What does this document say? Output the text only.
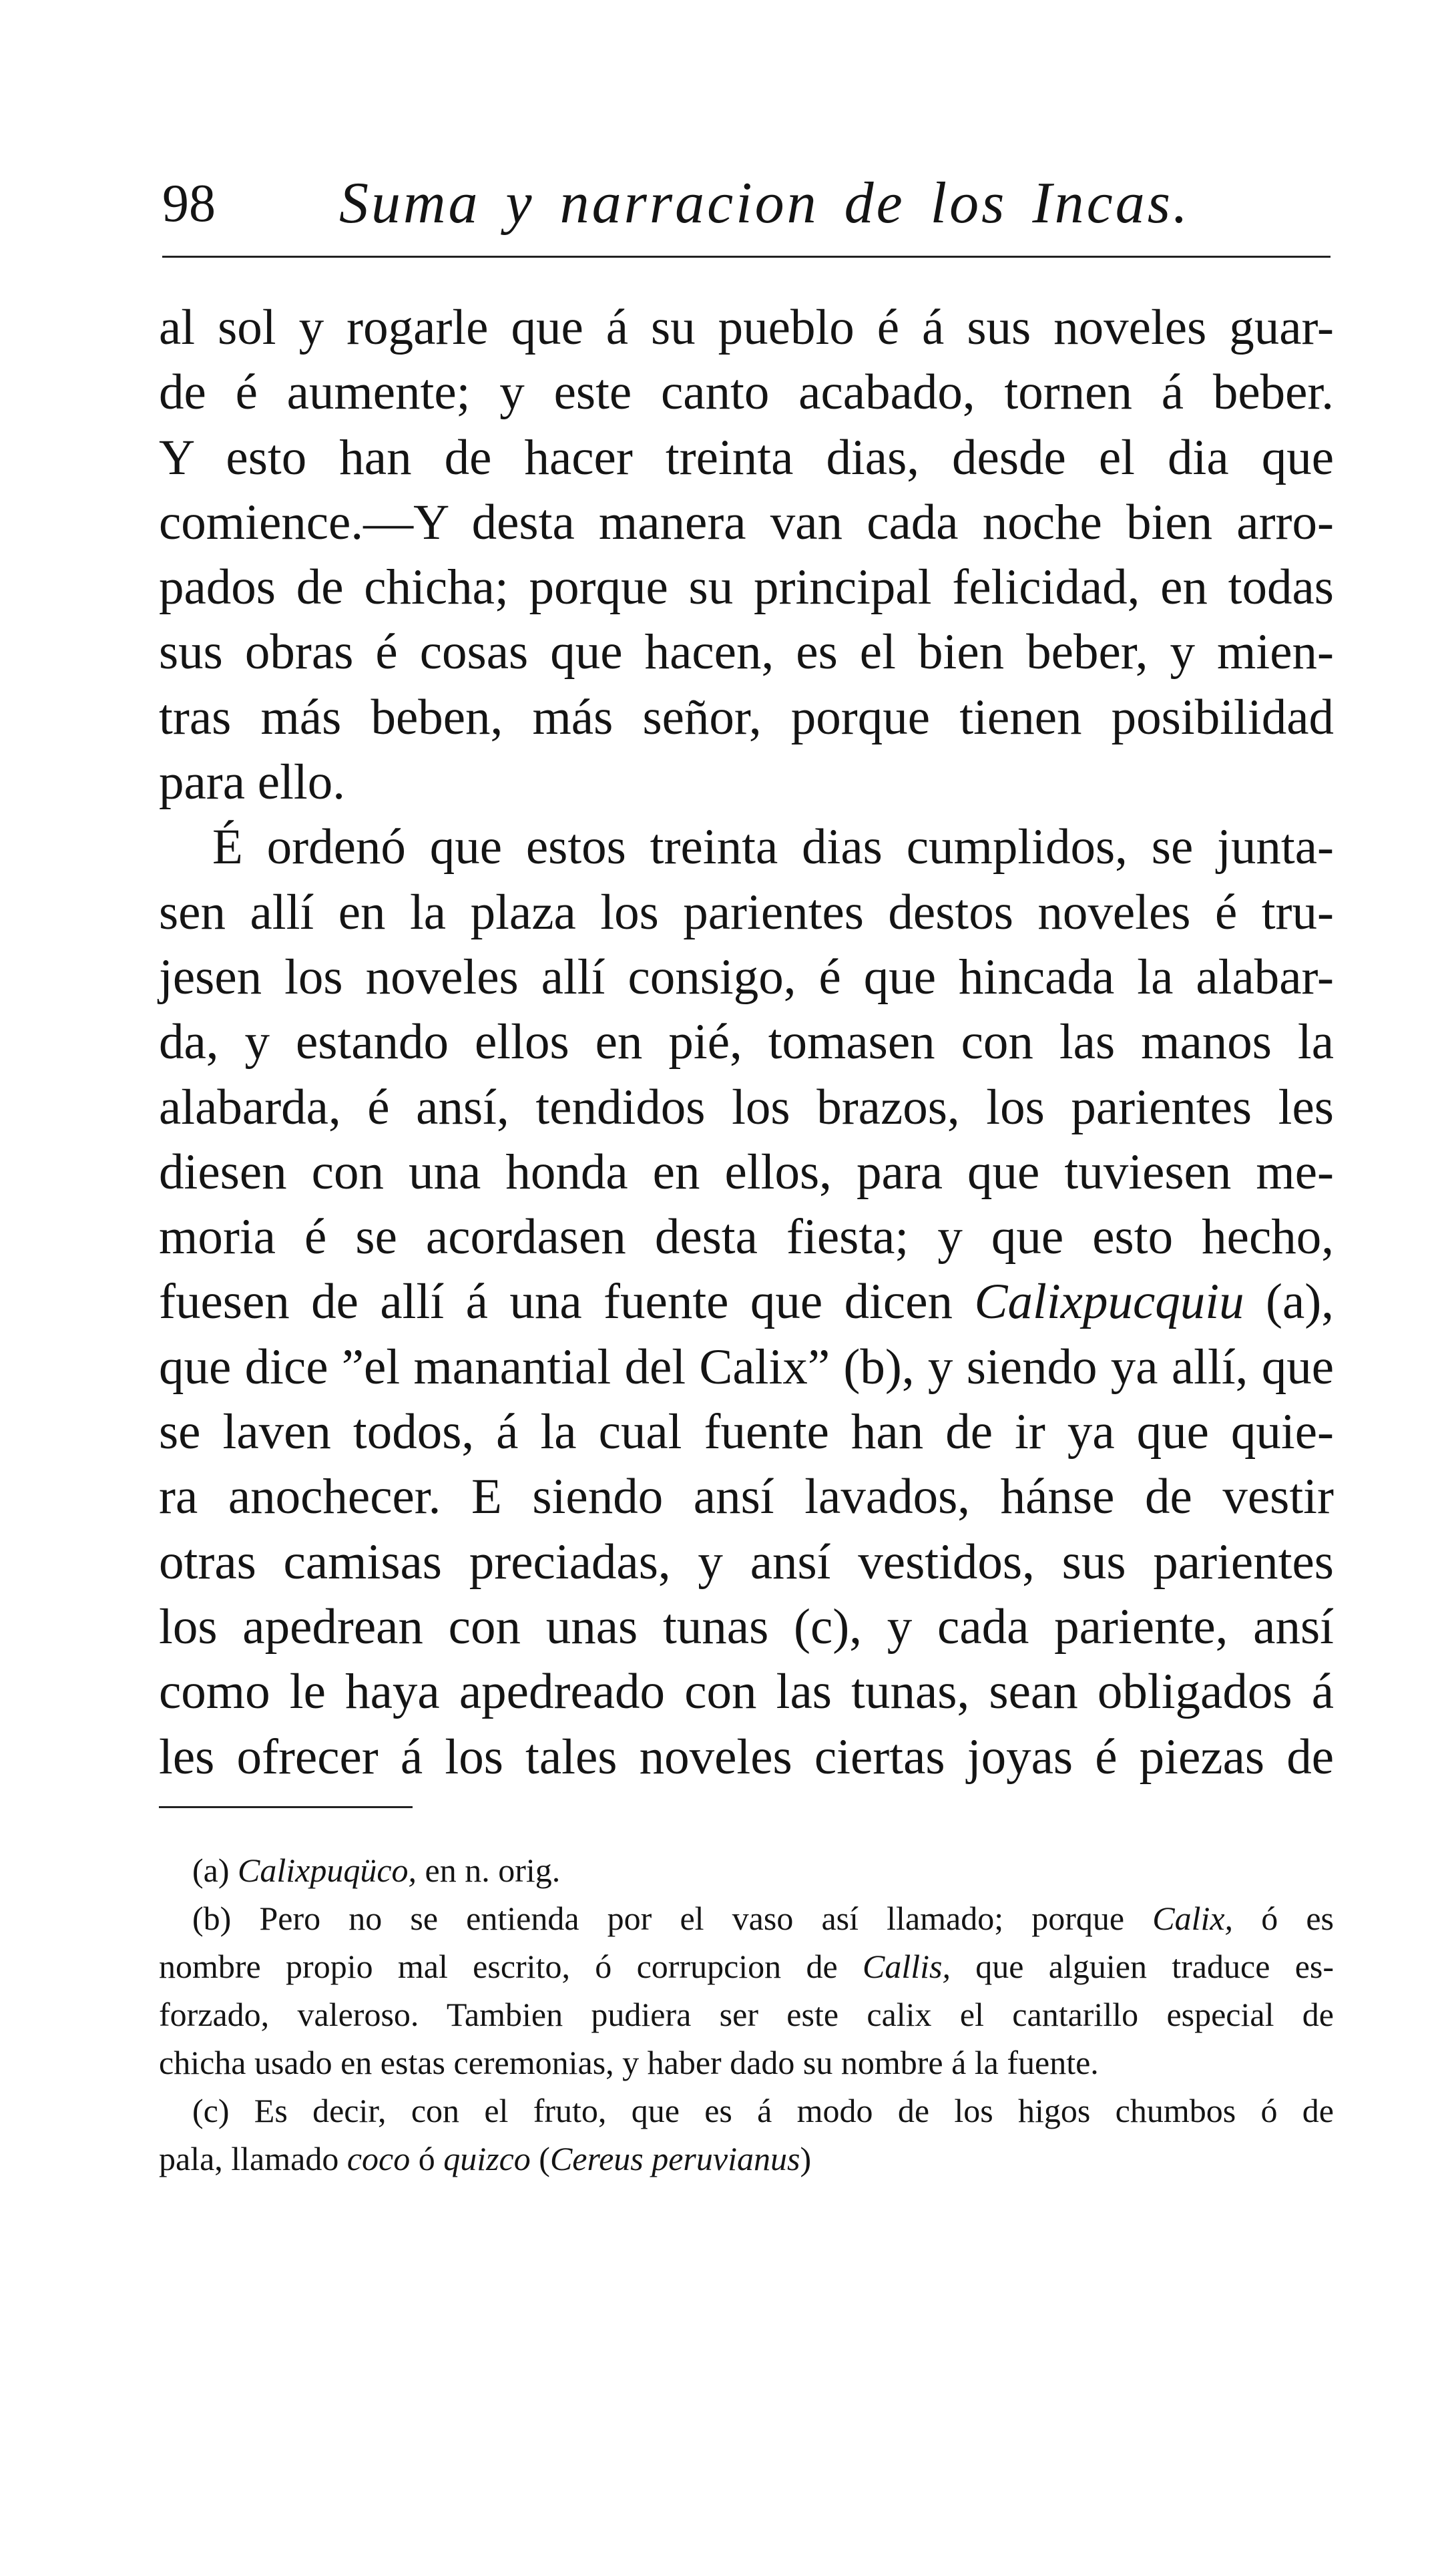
98 Suma y narracion de los Incas.
al sol y rogarle que á su pueblo é á sus noveles guar-
de é aumente; y este canto acabado, tornen á beber.
Y esto han de hacer treinta dias, desde el dia que
comience.—Y desta manera van cada noche bien arro-
pados de chicha; porque su principal felicidad, en todas
sus obras é cosas que hacen, es el bien beber, y mien-
tras más beben, más señor, porque tienen posibilidad
para ello.
É ordenó que estos treinta dias cumplidos, se junta-
sen allí en la plaza los parientes destos noveles é tru-
jesen los noveles allí consigo, é que hincada la alabar-
da, y estando ellos en pié, tomasen con las manos la
alabarda, é ansí, tendidos los brazos, los parientes les
diesen con una honda en ellos, para que tuviesen me-
moria é se acordasen desta fiesta; y que esto hecho,
fuesen de allí á una fuente que dicen Calixpucquiu (a),
que dice ”el manantial del Calix” (b), y siendo ya allí, que
se laven todos, á la cual fuente han de ir ya que quie-
ra anochecer. E siendo ansí lavados, hánse de vestir
otras camisas preciadas, y ansí vestidos, sus parientes
los apedrean con unas tunas (c), y cada pariente, ansí
como le haya apedreado con las tunas, sean obligados á
les ofrecer á los tales noveles ciertas joyas é piezas de
(a) Calixpuqüco, en n. orig.
(b) Pero no se entienda por el vaso así llamado; porque Calix, ó es
nombre propio mal escrito, ó corrupcion de Callis, que alguien traduce es-
forzado, valeroso. Tambien pudiera ser este calix el cantarillo especial de
chicha usado en estas ceremonias, y haber dado su nombre á la fuente.
(c) Es decir, con el fruto, que es á modo de los higos chumbos ó de
pala, llamado coco ó quizco (Cereus peruvianus)
